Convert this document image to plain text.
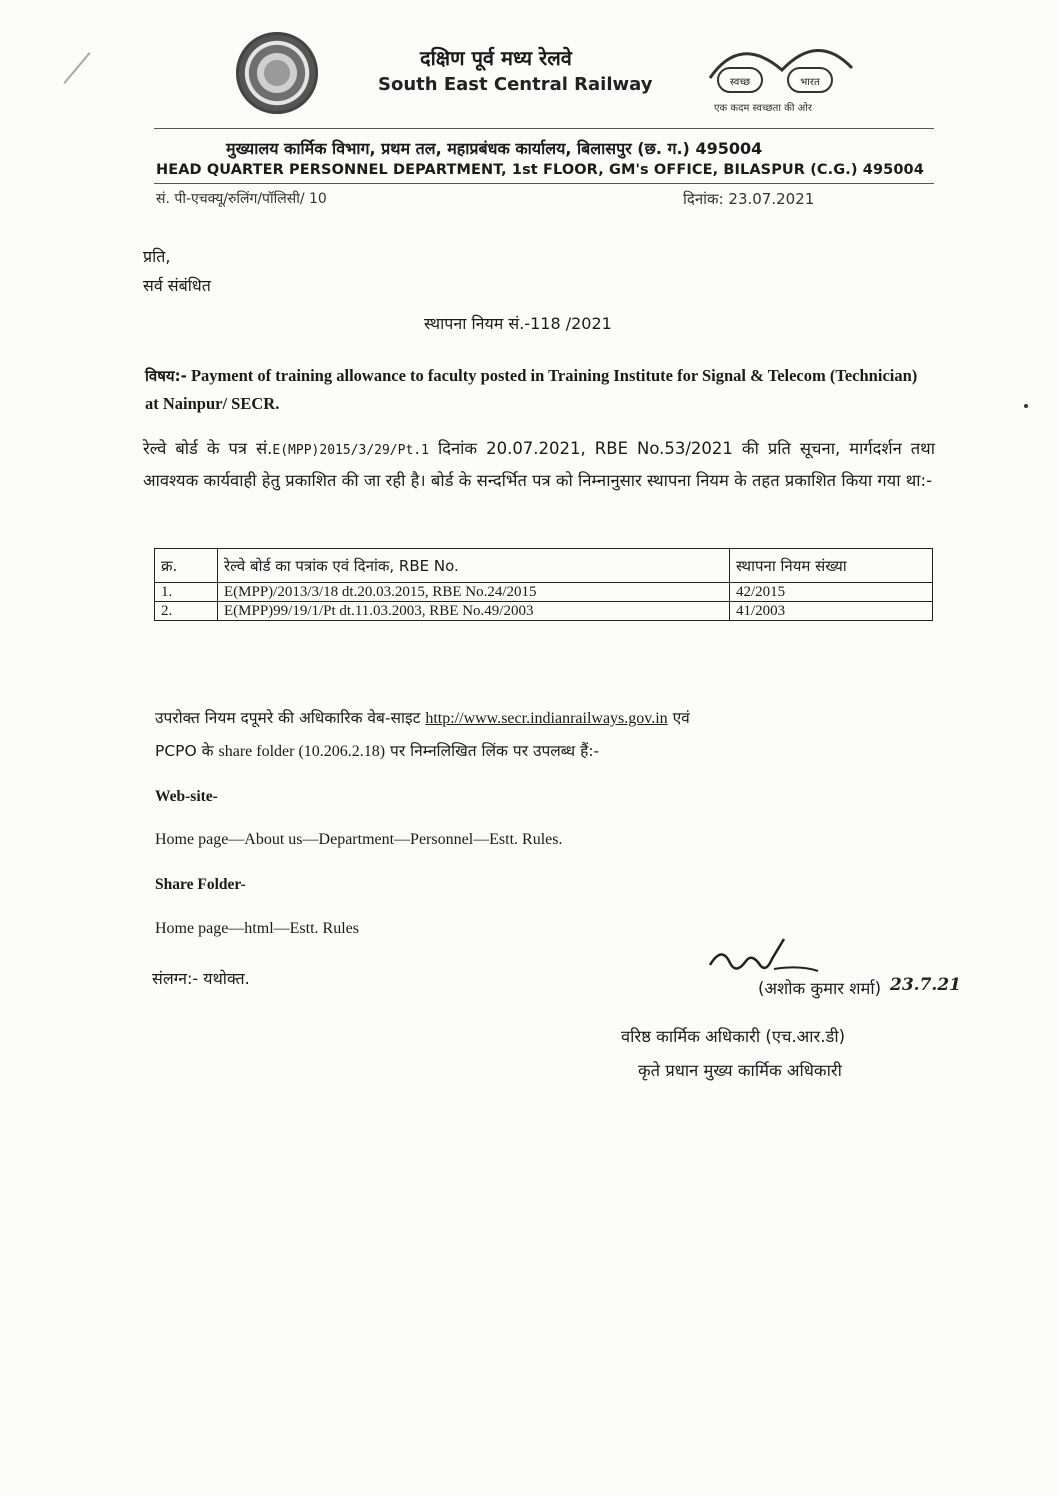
दक्षिण पूर्व मध्य रेलवे
South East Central Railway	स्वच्छ	भारत
एक कदम स्वच्छता की ओर
मुख्यालय कार्मिक विभाग, प्रथम तल, महाप्रबंधक कार्यालय, बिलासपुर (छ. ग.) 495004
HEAD QUARTER PERSONNEL DEPARTMENT, 1st FLOOR, GM's OFFICE, BILASPUR (C.G.) 495004
सं. पी-एचक्यू/रुलिंग/पॉलिसी/ 10	दिनांक: 23.07.2021
प्रति,
सर्व संबंधित
स्थापना नियम सं.-118 /2021
विषय:- Payment of training allowance to faculty posted in Training Institute for Signal & Telecom (Technician) at Nainpur/ SECR.
रेल्वे बोर्ड के पत्र सं.E(MPP)2015/3/29/Pt.1 दिनांक 20.07.2021, RBE No.53/2021 की प्रति सूचना, मार्गदर्शन तथा आवश्यक कार्यवाही हेतु प्रकाशित की जा रही है। बोर्ड के सन्दर्भित पत्र को निम्नानुसार स्थापना नियम के तहत प्रकाशित किया गया था:-
क्र.	रेल्वे बोर्ड का पत्रांक एवं दिनांक, RBE No.	स्थापना नियम संख्या
1.	E(MPP)/2013/3/18 dt.20.03.2015, RBE No.24/2015	42/2015
2.	E(MPP)99/19/1/Pt dt.11.03.2003, RBE No.49/2003	41/2003
उपरोक्त नियम दपूमरे की अधिकारिक वेब-साइट http://www.secr.indianrailways.gov.in एवं
PCPO के share folder (10.206.2.18) पर निम्नलिखित लिंक पर उपलब्ध हैं:-
Web-site-
Home page—About us—Department—Personnel—Estt. Rules.
Share Folder-
Home page—html—Estt. Rules
संलग्न:- यथोक्त.	23.7.21
(अशोक कुमार शर्मा)
वरिष्ठ कार्मिक अधिकारी (एच.आर.डी)
कृते प्रधान मुख्य कार्मिक अधिकारी
